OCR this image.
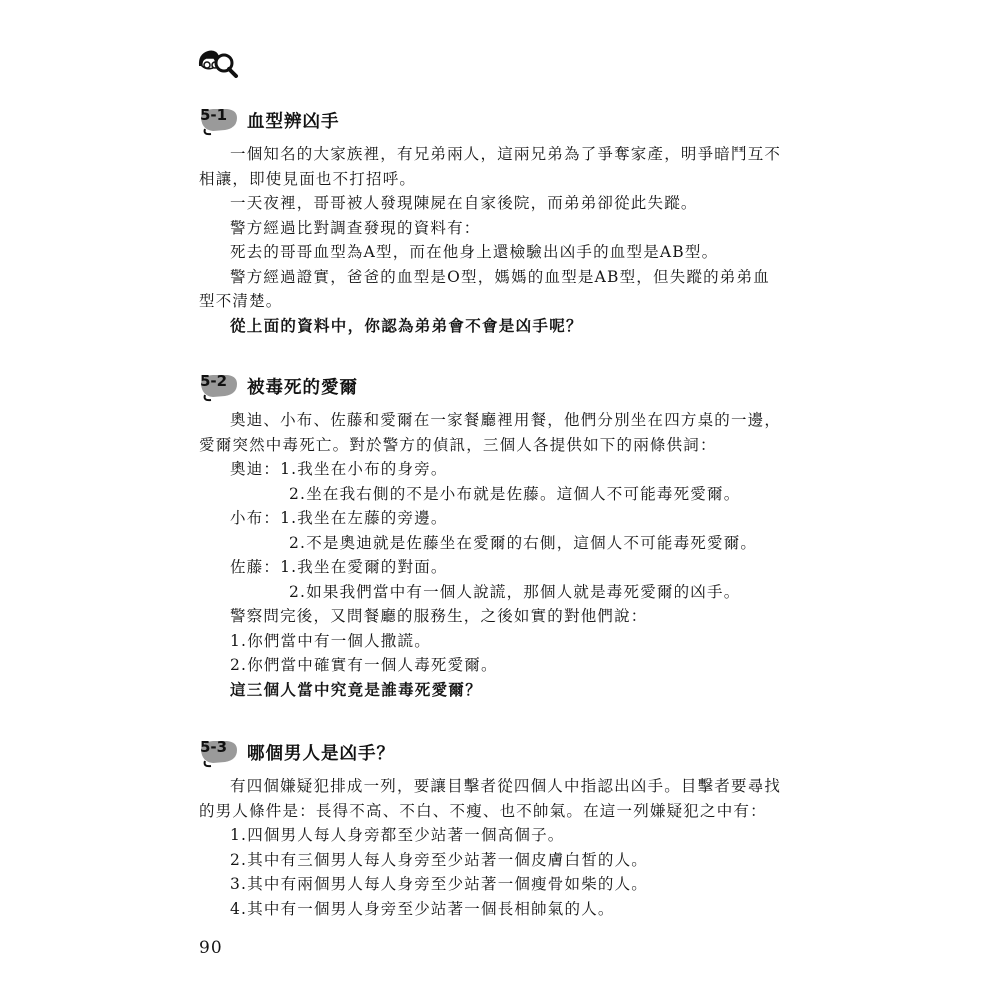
5-1 血型辨凶手
一個知名的大家族裡，有兄弟兩人，這兩兄弟為了爭奪家產，明爭暗鬥互不
相讓，即使見面也不打招呼。
一天夜裡，哥哥被人發現陳屍在自家後院，而弟弟卻從此失蹤。
警方經過比對調查發現的資料有：
死去的哥哥血型為A型，而在他身上還檢驗出凶手的血型是AB型。
警方經過證實，爸爸的血型是O型，媽媽的血型是AB型，但失蹤的弟弟血
型不清楚。
從上面的資料中，你認為弟弟會不會是凶手呢？
5-2 被毒死的愛爾
奧迪、小布、佐藤和愛爾在一家餐廳裡用餐，他們分別坐在四方桌的一邊，
愛爾突然中毒死亡。對於警方的偵訊，三個人各提供如下的兩條供詞：
奧迪：1.我坐在小布的身旁。
2.坐在我右側的不是小布就是佐藤。這個人不可能毒死愛爾。
小布：1.我坐在左藤的旁邊。
2.不是奧迪就是佐藤坐在愛爾的右側，這個人不可能毒死愛爾。
佐藤：1.我坐在愛爾的對面。
2.如果我們當中有一個人說謊，那個人就是毒死愛爾的凶手。
警察問完後，又問餐廳的服務生，之後如實的對他們說：
1.你們當中有一個人撒謊。
2.你們當中確實有一個人毒死愛爾。
這三個人當中究竟是誰毒死愛爾？
5-3 哪個男人是凶手？
有四個嫌疑犯排成一列，要讓目擊者從四個人中指認出凶手。目擊者要尋找
的男人條件是：長得不高、不白、不瘦、也不帥氣。在這一列嫌疑犯之中有：
1.四個男人每人身旁都至少站著一個高個子。
2.其中有三個男人每人身旁至少站著一個皮膚白皙的人。
3.其中有兩個男人每人身旁至少站著一個瘦骨如柴的人。
4.其中有一個男人身旁至少站著一個長相帥氣的人。
90
